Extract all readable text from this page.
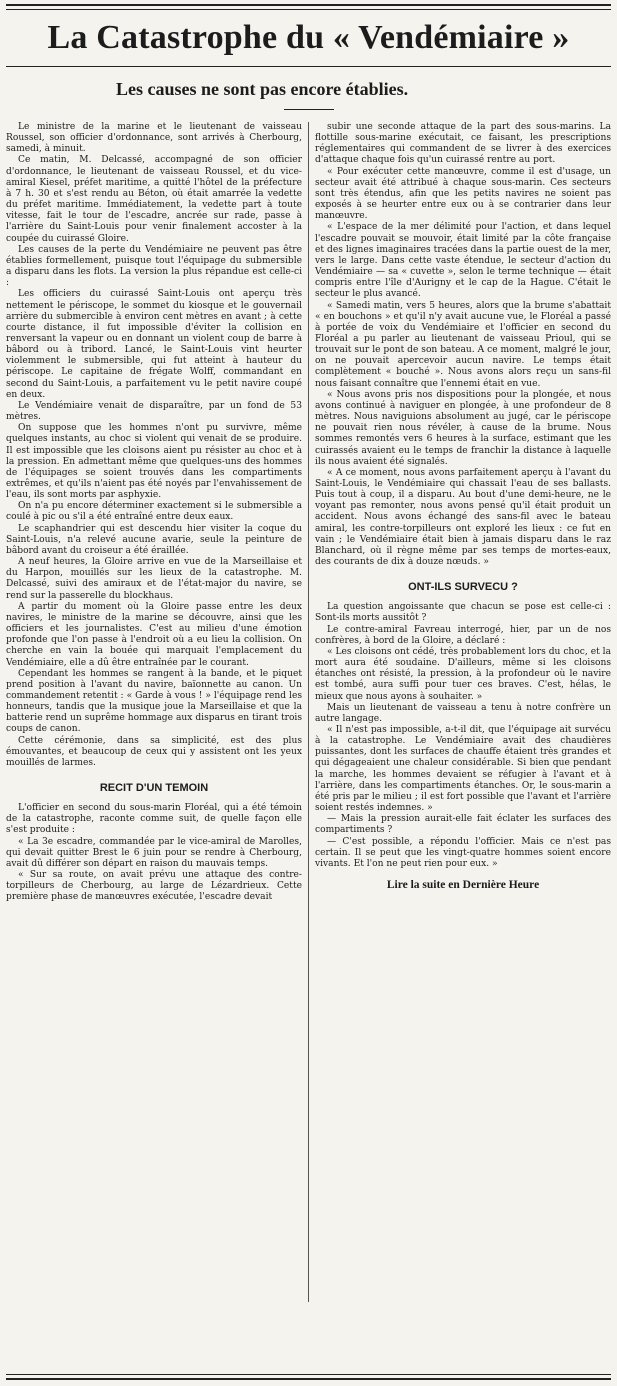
La Catastrophe du « Vendémiaire »
Les causes ne sont pas encore établies.

Le ministre de la marine et le lieutenant de vaisseau Roussel, son officier d'ordonnance, sont arrivés à Cherbourg, samedi, à minuit.

Ce matin, M. Delcassé, accompagné de son officier d'ordonnance, le lieutenant de vaisseau Roussel, et du vice-amiral Kiesel, préfet maritime, a quitté l'hôtel de la préfecture à 7 h. 30 et s'est rendu au Béton, où était amarrée la vedette du préfet maritime. Immédiatement, la vedette part à toute vitesse, fait le tour de l'escadre, ancrée sur rade, passe à l'arrière du Saint-Louis pour venir finalement accoster à la coupée du cuirassé Gloire.

Les causes de la perte du Vendémiaire ne peuvent pas être établies formellement, puisque tout l'équipage du submersible a disparu dans les flots. La version la plus répandue est celle-ci :

Les officiers du cuirassé Saint-Louis ont aperçu très nettement le périscope, le sommet du kiosque et le gouvernail arrière du submercible à environ cent mètres en avant ; à cette courte distance, il fut impossible d'éviter la collision en renversant la vapeur ou en donnant un violent coup de barre à bâbord ou à tribord. Lancé, le Saint-Louis vint heurter violemment le submersible, qui fut atteint à hauteur du périscope. Le capitaine de frégate Wolff, commandant en second du Saint-Louis, a parfaitement vu le petit navire coupé en deux.

Le Vendémiaire venait de disparaître, par un fond de 53 mètres.

On suppose que les hommes n'ont pu survivre, même quelques instants, au choc si violent qui venait de se produire. Il est impossible que les cloisons aient pu résister au choc et à la pression. En admettant même que quelques-uns des hommes de l'équipages se soient trouvés dans les compartiments extrêmes, et qu'ils n'aient pas été noyés par l'envahissement de l'eau, ils sont morts par asphyxie.

On n'a pu encore déterminer exactement si le submersible a coulé à pic ou s'il a été entraîné entre deux eaux.

Le scaphandrier qui est descendu hier visiter la coque du Saint-Louis, n'a relevé aucune avarie, seule la peinture de bâbord avant du croiseur a été éraillée.

A neuf heures, la Gloire arrive en vue de la Marseillaise et du Harpon, mouillés sur les lieux de la catastrophe. M. Delcassé, suivi des amiraux et de l'état-major du navire, se rend sur la passerelle du blockhaus.

A partir du moment où la Gloire passe entre les deux navires, le ministre de la marine se découvre, ainsi que les officiers et les journalistes. C'est au milieu d'une émotion profonde que l'on passe à l'endroit où a eu lieu la collision. On cherche en vain la bouée qui marquait l'emplacement du Vendémiaire, elle a dû être entraînée par le courant.

Cependant les hommes se rangent à la bande, et le piquet prend position à l'avant du navire, baïonnette au canon. Un commandement retentit : « Garde à vous ! » l'équipage rend les honneurs, tandis que la musique joue la Marseillaise et que la batterie rend un suprême hommage aux disparus en tirant trois coups de canon.

Cette cérémonie, dans sa simplicité, est des plus émouvantes, et beaucoup de ceux qui y assistent ont les yeux mouillés de larmes.

RECIT D'UN TEMOIN

L'officier en second du sous-marin Floréal, qui a été témoin de la catastrophe, raconte comme suit, de quelle façon elle s'est produite :

« La 3e escadre, commandée par le vice-amiral de Marolles, qui devait quitter Brest le 6 juin pour se rendre à Cherbourg, avait dû différer son départ en raison du mauvais temps.

« Sur sa route, on avait prévu une attaque des contre-torpilleurs de Cherbourg, au large de Lézardrieux. Cette première phase de manœuvres exécutée, l'escadre devait

subir une seconde attaque de la part des sous-marins. La flottille sous-marine exécutait, ce faisant, les prescriptions réglementaires qui commandent de se livrer à des exercices d'attaque chaque fois qu'un cuirassé rentre au port.

« Pour exécuter cette manœuvre, comme il est d'usage, un secteur avait été attribué à chaque sous-marin. Ces secteurs sont très étendus, afin que les petits navires ne soient pas exposés à se heurter entre eux ou à se contrarier dans leur manœuvre.

« L'espace de la mer délimité pour l'action, et dans lequel l'escadre pouvait se mouvoir, était limité par la côte française et des lignes imaginaires tracées dans la partie ouest de la mer, vers le large. Dans cette vaste étendue, le secteur d'action du Vendémiaire — sa « cuvette », selon le terme technique — était compris entre l'île d'Aurigny et le cap de la Hague. C'était le secteur le plus avancé.

« Samedi matin, vers 5 heures, alors que la brume s'abattait « en bouchons » et qu'il n'y avait aucune vue, le Floréal a passé à portée de voix du Vendémiaire et l'officier en second du Floréal a pu parler au lieutenant de vaisseau Prioul, qui se trouvait sur le pont de son bateau. A ce moment, malgré le jour, on ne pouvait apercevoir aucun navire. Le temps était complètement « bouché ». Nous avons alors reçu un sans-fil nous faisant connaître que l'ennemi était en vue.

« Nous avons pris nos dispositions pour la plongée, et nous avons continué à naviguer en plongée, à une profondeur de 8 mètres. Nous naviguions absolument au jugé, car le périscope ne pouvait rien nous révéler, à cause de la brume. Nous sommes remontés vers 6 heures à la surface, estimant que les cuirassés avaient eu le temps de franchir la distance à laquelle ils nous avaient été signalés.

« A ce moment, nous avons parfaitement aperçu à l'avant du Saint-Louis, le Vendémiaire qui chassait l'eau de ses ballasts. Puis tout à coup, il a disparu. Au bout d'une demi-heure, ne le voyant pas remonter, nous avons pensé qu'il était produit un accident. Nous avons échangé des sans-fil avec le bateau amiral, les contre-torpilleurs ont exploré les lieux : ce fut en vain ; le Vendémiaire était bien à jamais disparu dans le raz Blanchard, où il règne même par ses temps de mortes-eaux, des courants de dix à douze nœuds. »

ONT-ILS SURVECU ?

La question angoissante que chacun se pose est celle-ci : Sont-ils morts aussitôt ?

Le contre-amiral Favreau interrogé, hier, par un de nos confrères, à bord de la Gloire, a déclaré :

« Les cloisons ont cédé, très probablement lors du choc, et la mort aura été soudaine. D'ailleurs, même si les cloisons étanches ont résisté, la pression, à la profondeur où le navire est tombé, aura suffi pour tuer ces braves. C'est, hélas, le mieux que nous ayons à souhaiter. »

Mais un lieutenant de vaisseau a tenu à notre confrère un autre langage.

« Il n'est pas impossible, a-t-il dit, que l'équipage ait survécu à la catastrophe. Le Vendémiaire avait des chaudières puissantes, dont les surfaces de chauffe étaient très grandes et qui dégageaient une chaleur considérable. Si bien que pendant la marche, les hommes devaient se réfugier à l'avant et à l'arrière, dans les compartiments étanches. Or, le sous-marin a été pris par le milieu ; il est fort possible que l'avant et l'arrière soient restés indemnes. »

— Mais la pression aurait-elle fait éclater les surfaces des compartiments ?

— C'est possible, a répondu l'officier. Mais ce n'est pas certain. Il se peut que les vingt-quatre hommes soient encore vivants. Et l'on ne peut rien pour eux. »

Lire la suite en Dernière Heure
